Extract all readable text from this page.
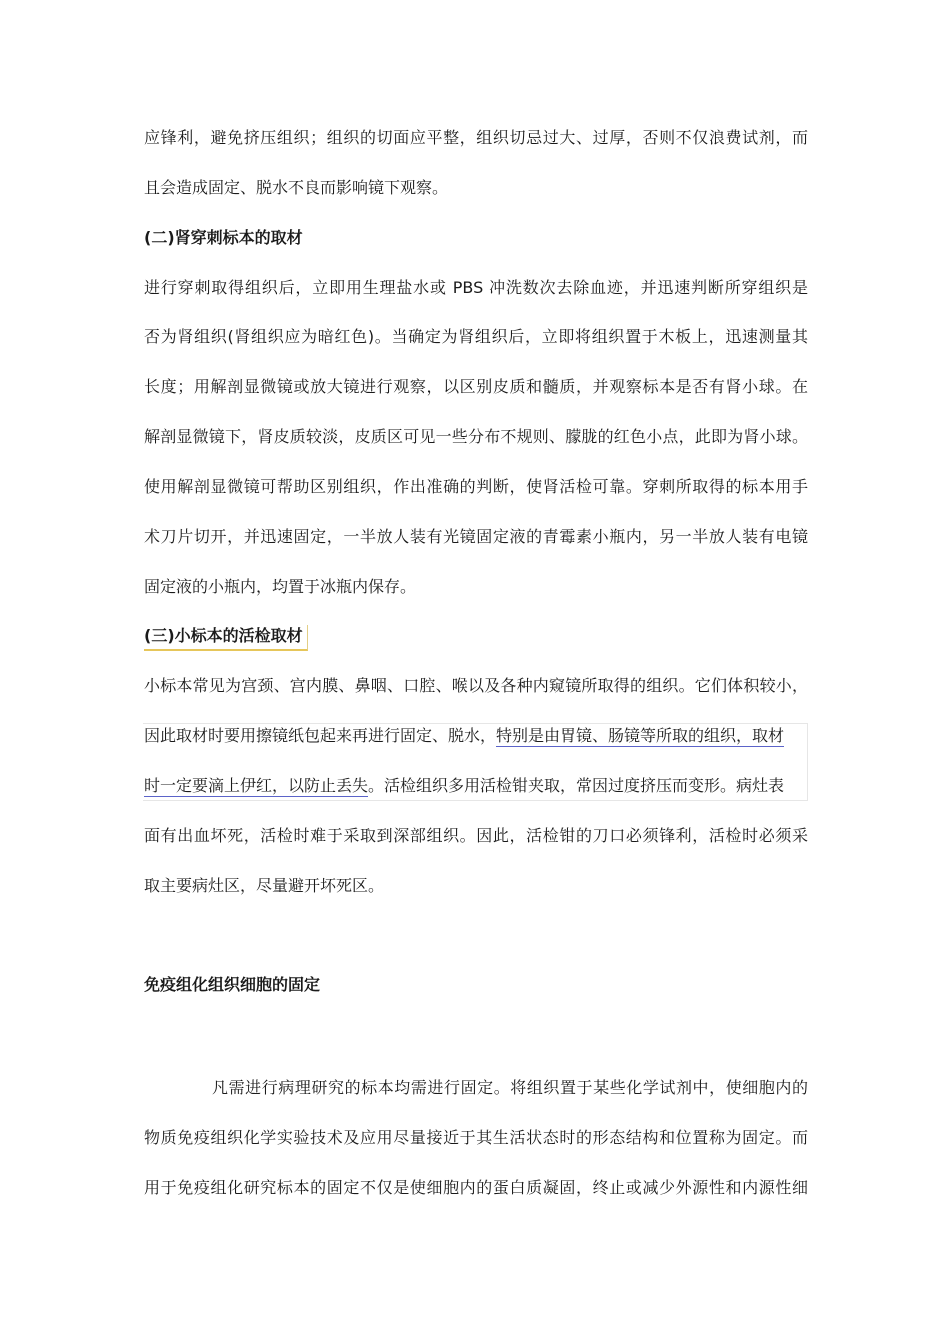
应锋利，避免挤压组织；组织的切面应平整，组织切忌过大、过厚，否则不仅浪费试剂，而
且会造成固定、脱水不良而影响镜下观察。
(二)肾穿刺标本的取材
进行穿刺取得组织后，立即用生理盐水或 PBS 冲洗数次去除血迹，并迅速判断所穿组织是
否为肾组织(肾组织应为暗红色)。当确定为肾组织后，立即将组织置于木板上，迅速测量其
长度；用解剖显微镜或放大镜进行观察，以区别皮质和髓质，并观察标本是否有肾小球。在
解剖显微镜下，肾皮质较淡，皮质区可见一些分布不规则、朦胧的红色小点，此即为肾小球。
使用解剖显微镜可帮助区别组织，作出准确的判断，使肾活检可靠。穿刺所取得的标本用手
术刀片切开，并迅速固定，一半放人装有光镜固定液的青霉素小瓶内，另一半放人装有电镜
固定液的小瓶内，均置于冰瓶内保存。
(三)小标本的活检取材
小标本常见为宫颈、宫内膜、鼻咽、口腔、喉以及各种内窥镜所取得的组织。它们体积较小，
因此取材时要用擦镜纸包起来再进行固定、脱水，特别是由胃镜、肠镜等所取的组织，取材
时一定要滴上伊红，以防止丢失。活检组织多用活检钳夹取，常因过度挤压而变形。病灶表
面有出血坏死，活检时难于采取到深部组织。因此，活检钳的刀口必须锋利，活检时必须采
取主要病灶区，尽量避开坏死区。
免疫组化组织细胞的固定
凡需进行病理研究的标本均需进行固定。将组织置于某些化学试剂中，使细胞内的
物质免疫组织化学实验技术及应用尽量接近于其生活状态时的形态结构和位置称为固定。而
用于免疫组化研究标本的固定不仅是使细胞内的蛋白质凝固，终止或减少外源性和内源性细
